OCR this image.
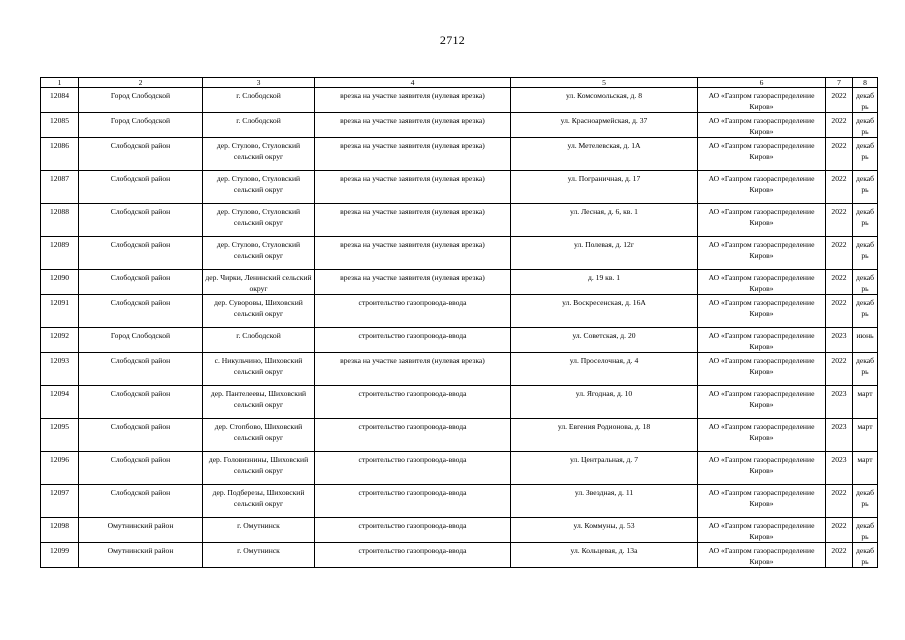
2712
1	2	3	4	5	6	7	8
12084	Город Слободской	г. Слободской	врезка на участке заявителя (нулевая врезка)	ул. Комсомольская, д. 8	АО «Газпром газораспределение Киров»	2022	декабрь
12085	Город Слободской	г. Слободской	врезка на участке заявителя (нулевая врезка)	ул. Красноармейская, д. 37	АО «Газпром газораспределение Киров»	2022	декабрь
12086	Слободской район	дер. Стулово, Стуловский сельский округ	врезка на участке заявителя (нулевая врезка)	ул. Метелевская, д. 1А	АО «Газпром газораспределение Киров»	2022	декабрь
12087	Слободской район	дер. Стулово, Стуловский сельский округ	врезка на участке заявителя (нулевая врезка)	ул. Пограничная, д. 17	АО «Газпром газораспределение Киров»	2022	декабрь
12088	Слободской район	дер. Стулово, Стуловский сельский округ	врезка на участке заявителя (нулевая врезка)	ул. Лесная, д. 6, кв. 1	АО «Газпром газораспределение Киров»	2022	декабрь
12089	Слободской район	дер. Стулово, Стуловский сельский округ	врезка на участке заявителя (нулевая врезка)	ул. Полевая, д. 12г	АО «Газпром газораспределение Киров»	2022	декабрь
12090	Слободской район	дер. Чирки, Ленинский сельский округ	врезка на участке заявителя (нулевая врезка)	д. 19 кв. 1	АО «Газпром газораспределение Киров»	2022	декабрь
12091	Слободской район	дер. Суворовы, Шиховский сельский округ	строительство газопровода-ввода	ул. Воскресенская, д. 16А	АО «Газпром газораспределение Киров»	2022	декабрь
12092	Город Слободской	г. Слободской	строительство газопровода-ввода	ул. Советская, д. 20	АО «Газпром газораспределение Киров»	2023	июнь
12093	Слободской район	с. Никульчино, Шиховский сельский округ	врезка на участке заявителя (нулевая врезка)	ул. Проселочная, д. 4	АО «Газпром газораспределение Киров»	2022	декабрь
12094	Слободской район	дер. Пантелеевы, Шиховский сельский округ	строительство газопровода-ввода	ул. Ягодная, д. 10	АО «Газпром газораспределение Киров»	2023	март
12095	Слободской район	дер. Стопбово, Шиховский сельский округ	строительство газопровода-ввода	ул. Евгения Родионова, д. 18	АО «Газпром газораспределение Киров»	2023	март
12096	Слободской район	дер. Головизнины, Шиховский сельский округ	строительство газопровода-ввода	ул. Центральная, д. 7	АО «Газпром газораспределение Киров»	2023	март
12097	Слободской район	дер. Подберезы, Шиховский сельский округ	строительство газопровода-ввода	ул. Звездная, д. 11	АО «Газпром газораспределение Киров»	2022	декабрь
12098	Омутнинский район	г. Омутнинск	строительство газопровода-ввода	ул. Коммуны, д. 53	АО «Газпром газораспределение Киров»	2022	декабрь
12099	Омутнинский район	г. Омутнинск	строительство газопровода-ввода	ул. Кольцевая, д. 13а	АО «Газпром газораспределение Киров»	2022	декабрь
